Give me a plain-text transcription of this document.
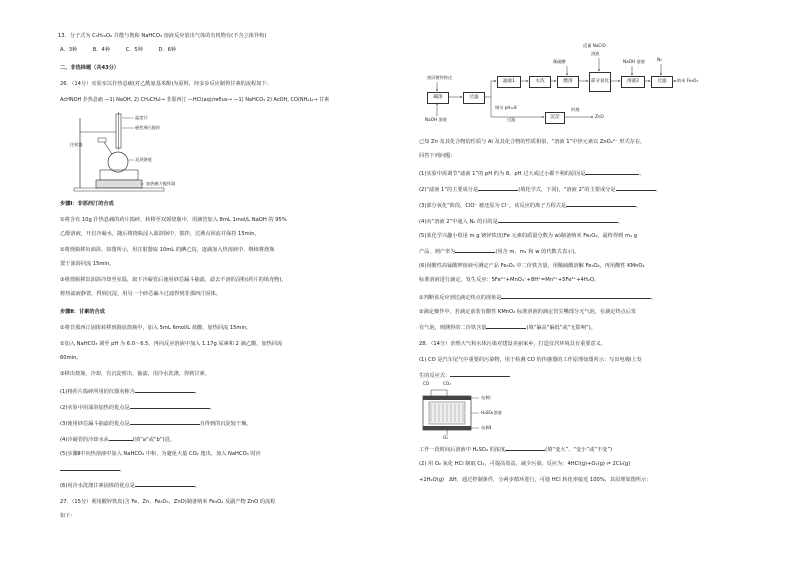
13．分子式为 C₅H₁₀O₂ 并能与饱和 NaHCO₃ 溶液反应放出气体的有机物有(不含立体异构)
A．3种　　　B．4种　　　C．5种　　　D．6种
二、非选择题（共43分）
26．（14分）实验室以扑热息痛(对乙酰氨基苯酚)为原料，经多步反应制得甘素的流程如下：
AcHNOH 扑热息痛 —1) NaOH, 2) CH₃CH₂I→ 非那西汀 —HCl(aq)/reflux→ —1) NaHCO₃ 2) AcOH, CO(NH₂)₂→ 甘素
温度计
磁性沸石搅拌
注射器
双颈烧瓶
加热磁力搅拌器
步骤Ⅰ：非那西汀的合成
①将含有 10g 扑热息痛的药片捣碎，转移至双颈烧瓶中，用滴管加入 8mL 1mol/L NaOH 的 95%
乙醇溶液，开启冷凝水，随后将烧瓶浸入油浴锅中，搅拌，达沸点回流并保持 15min。
②将烧瓶移出油浴。如图所示，用注射器取 10mL 的碘乙烷，逐滴加入热溶液中，继续将烧瓶
置于油浴回流 15min。
③将烧瓶移出油浴冷却至室温，取下冷凝管后使用砂芯漏斗抽滤，滤去不溶的淀粉(药片的填充物)，
将热滤液静置，得到沉淀，用另一个砂芯漏斗过滤得到非那西汀固体。
步骤Ⅱ：甘素的合成
①将非那西汀固体转移到圆底烧瓶中，加入 5mL 6mol/L 盐酸，加热回流 15min。
②加入 NaHCO₃ 调至 pH 为 6.0～6.5，再向反应溶液中加入 1.17g 尿素和 2 滴乙酸，加热回流
60min。
③移出烧瓶，冷却，有沉淀析出，抽滤，用冷水洗涤，得到甘素。
(1)将药片捣碎所用的仪器名称为	。
(2)实验中用油浴加热的优点是	。
(3)使用砂芯漏斗抽滤的优点是	且得到的沉淀较干燥。
(4)冷凝管的冷却水从	(填“a”或“b”)进。
(5)步骤Ⅱ中向热溶液中加入 NaHCO₃ 中和，为避免大量 CO₂ 逸出，加入 NaHCO₃ 时应
。
(6)用冷水洗涤甘素固体的优点是	。
27．（15分）利用酸锌铁皮(含 Fe、Zn、Fe₂O₃、ZnO)制备纳米 Fe₃O₄ 及副产物 ZnO 的流程
如下：
适量 NaClO
溶液
NaOH 溶液	N₂
废旧镀锌铁皮
稀硫酸
碱溶	过滤
滤液1	水洗	酸溶	部分氧化	溶液2	过滤	纳米 Fe₃O₄
调节 pH=8
沉淀
灼烧
ZnO
过滤
NaOH 溶液
已知 Zn 及其化合物的性质与 Al 及其化合物的性质相似，“溶液 1”中锌元素以 ZnO₂²⁻ 形式存在，
回答下列问题：
(1)实验中需调节“滤液 1”的 pH 约为 8，pH 过大或过小都不利的原因是	。
(2)“滤液 1”的主要成分是	(填化学式，下同)，“溶液 2”的主要成分是	。
(3)部分氧化”阶段，ClO⁻ 被还原为 Cl⁻，该反应的离子方程式是	。
(4)向“溶液 2”中通入 N₂ 的目的是	。
(5)某化学兴趣小组用 m g 镀锌铁皮(Fe 元素的质量分数为 w)制备纳米 Fe₃O₄，最终得到 m₁ g
产品，则产率为	(用含 m、m₁ 和 w 的代数式表示)。
(6)用酸性高锰酸钾溶液可测定产品 Fe₃O₄ 中二价铁含量，用稀硫酸溶解 Fe₃O₄，再用酸性 KMnO₄
标准溶液进行滴定，发生反应：5Fe²⁺+MnO₄⁻+8H⁺=Mn²⁺+5Fe³⁺+4H₂O。
①判断该反应到达滴定终点的现象是	。
②滴定操作中，若滴定前装有酸性 KMnO₄ 标准溶液的滴定管尖嘴部分无气泡，在滴定终点后发
有气泡，则测得的二价铁含量	(填“偏高”偏低”或“无影响”)。
28．（14分）治理大气和水体污染对建设美丽家乡，打造宜居环境具有重要意义。
(1) CO 是汽车尾气中重要的污染物，用于检测 CO 的传感器的工作原理如图所示：写出电极Ⅰ上发
生的反应式：
CO	CO₂
电极Ⅰ
H₂SO₄溶液
电极Ⅱ
O₂
工作一段时间后溶液中 H₂SO₄ 的浓度	(填“变大”、“变小”或“不变”)
(2) 用 O₂ 氧化 HCl 制取 Cl₂，可提高效益，减少污染。反应为：4HCl(g)+O₂(g) ⇌ 2Cl₂(g)
+2H₂O(g)　ΔH，通过控制条件，分两步循环进行，可使 HCl 转化率接近 100%，其原理如图所示：
